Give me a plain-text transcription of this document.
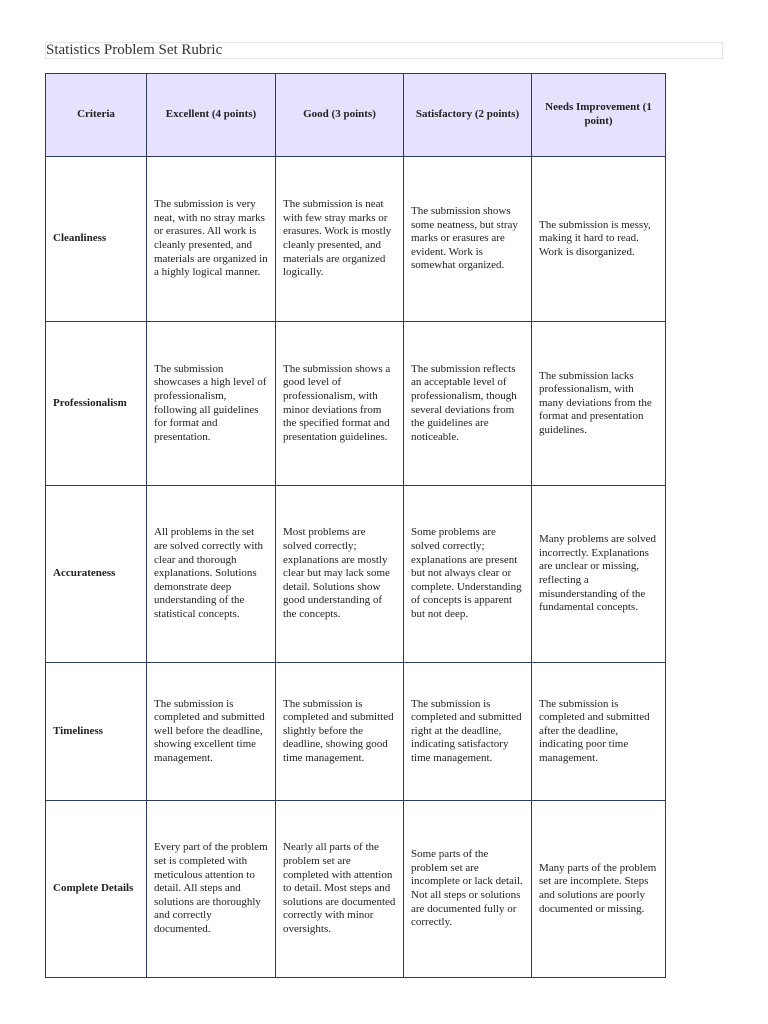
Statistics Problem Set Rubric
Criteria	Excellent (4 points)	Good (3 points)	Satisfactory (2 points)	Needs Improvement (1 point)
Cleanliness	The submission is very neat, with no stray marks or erasures. All work is cleanly presented, and materials are organized in a highly logical manner.	The submission is neat with few stray marks or erasures. Work is mostly cleanly presented, and materials are organized logically.	The submission shows some neatness, but stray marks or erasures are evident. Work is somewhat organized.	The submission is messy, making it hard to read. Work is disorganized.
Professionalism	The submission showcases a high level of professionalism, following all guidelines for format and presentation.	The submission shows a good level of professionalism, with minor deviations from the specified format and presentation guidelines.	The submission reflects an acceptable level of professionalism, though several deviations from the guidelines are noticeable.	The submission lacks professionalism, with many deviations from the format and presentation guidelines.
Accurateness	All problems in the set are solved correctly with clear and thorough explanations. Solutions demonstrate deep understanding of the statistical concepts.	Most problems are solved correctly; explanations are mostly clear but may lack some detail. Solutions show good understanding of the concepts.	Some problems are solved correctly; explanations are present but not always clear or complete. Understanding of concepts is apparent but not deep.	Many problems are solved incorrectly. Explanations are unclear or missing, reflecting a misunderstanding of the fundamental concepts.
Timeliness	The submission is completed and submitted well before the deadline, showing excellent time management.	The submission is completed and submitted slightly before the deadline, showing good time management.	The submission is completed and submitted right at the deadline, indicating satisfactory time management.	The submission is completed and submitted after the deadline, indicating poor time management.
Complete Details	Every part of the problem set is completed with meticulous attention to detail. All steps and solutions are thoroughly and correctly documented.	Nearly all parts of the problem set are completed with attention to detail. Most steps and solutions are documented correctly with minor oversights.	Some parts of the problem set are incomplete or lack detail. Not all steps or solutions are documented fully or correctly.	Many parts of the problem set are incomplete. Steps and solutions are poorly documented or missing.
